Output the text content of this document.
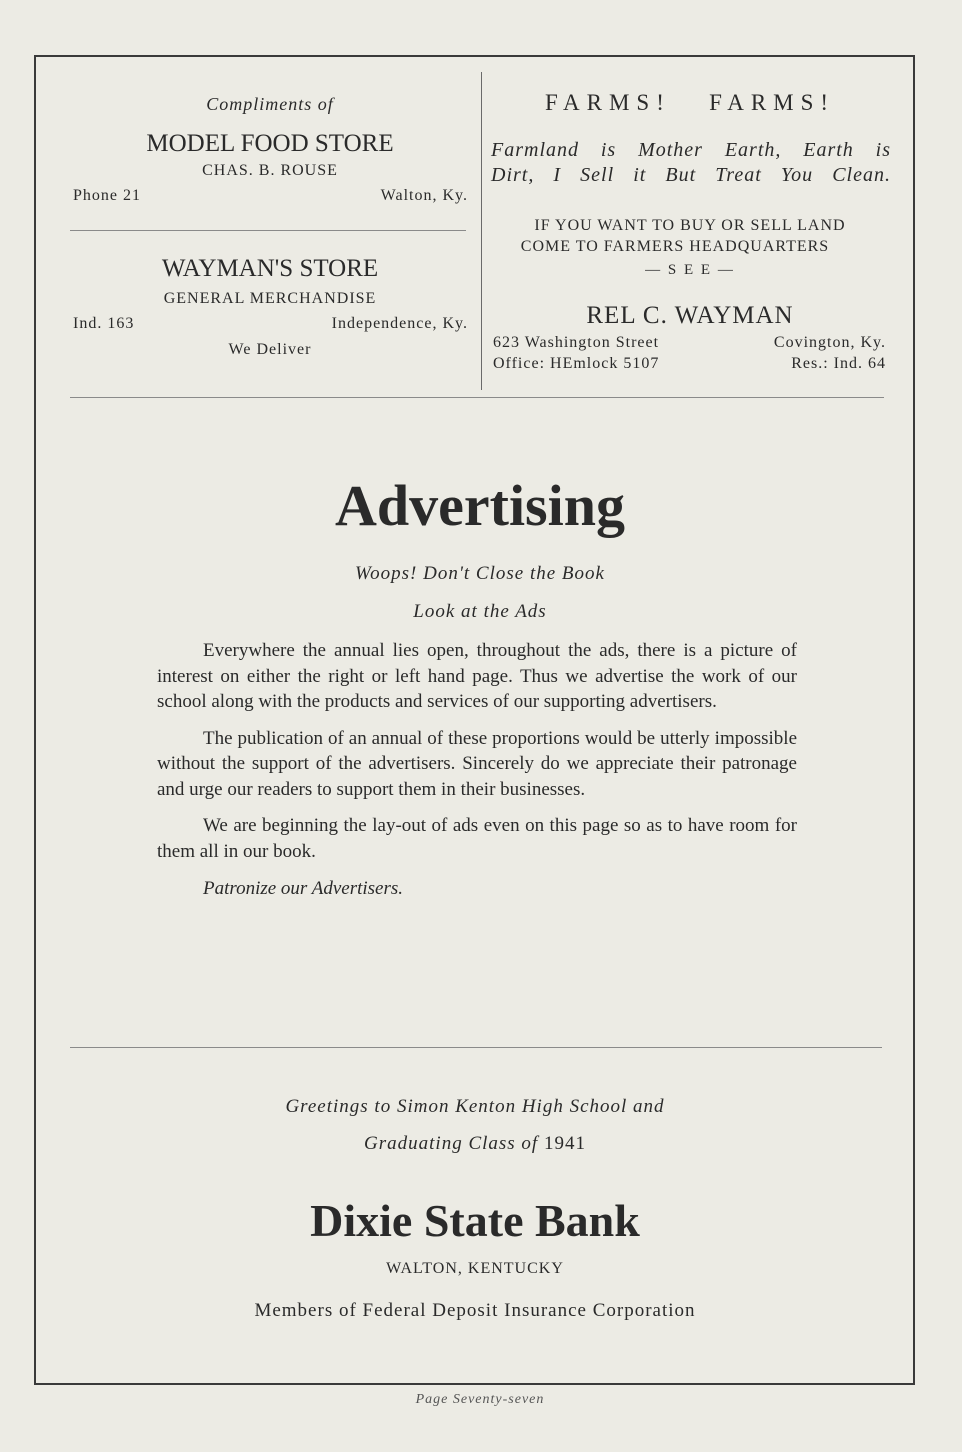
Compliments of
MODEL FOOD STORE
CHAS. B. ROUSE
Phone 21	Walton, Ky.
WAYMAN'S STORE
GENERAL MERCHANDISE
Ind. 163	Independence, Ky.
We Deliver
FARMS!   FARMS!
Farmland is Mother Earth, Earth is
Dirt, I Sell it But Treat You Clean.
IF YOU WANT TO BUY OR SELL LAND
COME TO FARMERS HEADQUARTERS
— S E E —
REL C. WAYMAN
623 Washington Street	Covington, Ky.
Office: HEmlock 5107	Res.: Ind. 64
Advertising
Woops! Don't Close the Book
Look at the Ads

Everywhere the annual lies open, throughout the ads, there is a picture of interest on either the right or left hand page. Thus we advertise the work of our school along with the products and services of our supporting advertisers.

The publication of an annual of these proportions would be utterly impossible without the support of the advertisers. Sincerely do we appreciate their patronage and urge our readers to support them in their businesses.

We are beginning the lay-out of ads even on this page so as to have room for them all in our book.

Patronize our Advertisers.

Greetings to Simon Kenton High School and
Graduating Class of 1941
Dixie State Bank
WALTON, KENTUCKY
Members of Federal Deposit Insurance Corporation
Page Seventy-seven
